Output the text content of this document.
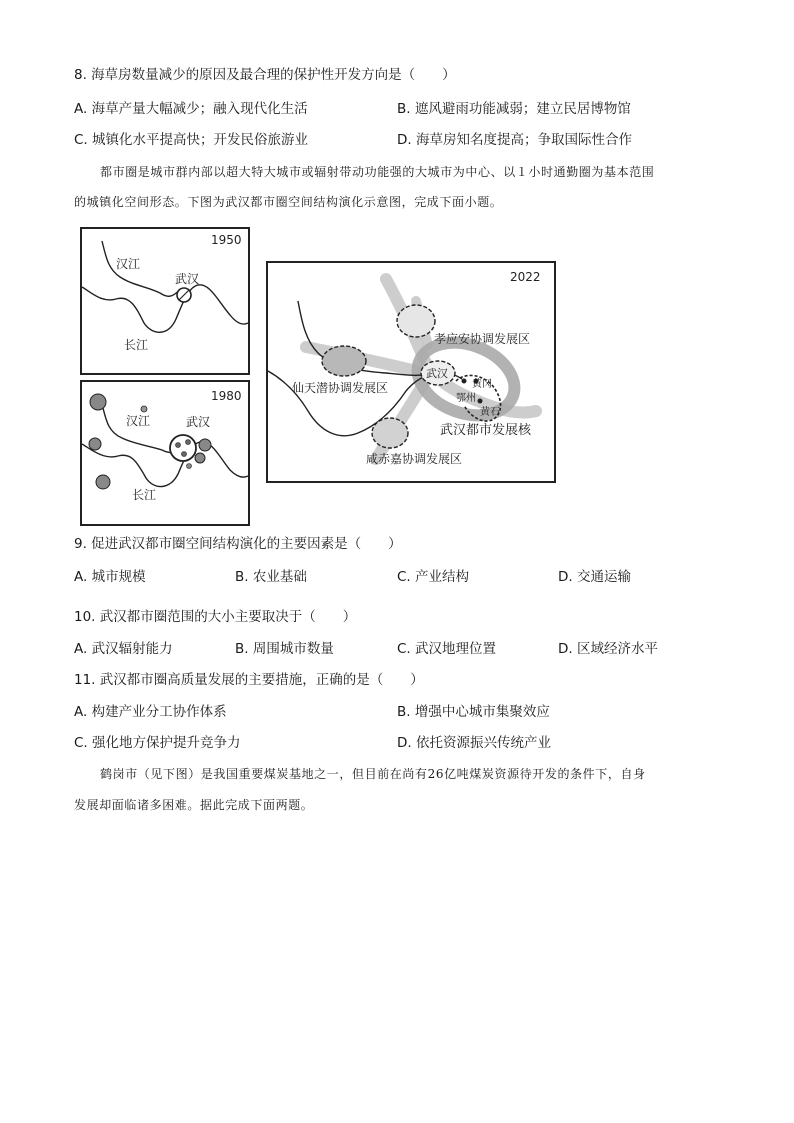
8. 海草房数量减少的原因及最合理的保护性开发方向是（　　）
A. 海草产量大幅减少；融入现代化生活	B. 遮风避雨功能减弱；建立民居博物馆
C. 城镇化水平提高快；开发民俗旅游业	D. 海草房知名度提高；争取国际性合作
都市圈是城市群内部以超大特大城市或辐射带动功能强的大城市为中心、以１小时通勤圈为基本范围
的城镇化空间形态。下图为武汉都市圈空间结构演化示意图，完成下面小题。
1950
汉江
武汉
长江
1980
汉江	武汉
长江
2022
孝应安协调发展区
仙天潜协调发展区
咸赤嘉协调发展区
武汉
黄冈
鄂州
黄石
武汉都市发展核
9. 促进武汉都市圈空间结构演化的主要因素是（　　）
A. 城市规模	B. 农业基础	C. 产业结构	D. 交通运输
10. 武汉都市圈范围的大小主要取决于（　　）
A. 武汉辐射能力	B. 周围城市数量	C. 武汉地理位置	D. 区域经济水平
11. 武汉都市圈高质量发展的主要措施，正确的是（　　）
A. 构建产业分工协作体系	B. 增强中心城市集聚效应
C. 强化地方保护提升竞争力	D. 依托资源振兴传统产业
鹤岗市（见下图）是我国重要煤炭基地之一，但目前在尚有26亿吨煤炭资源待开发的条件下，自身
发展却面临诸多困难。据此完成下面两题。
